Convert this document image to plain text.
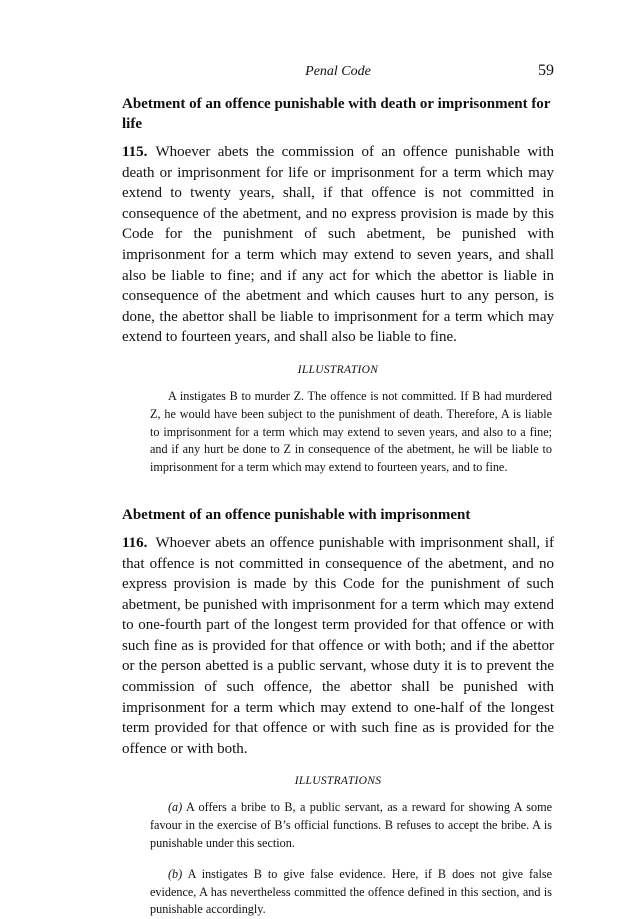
Penal Code	59
Abetment of an offence punishable with death or imprisonment for life

115. Whoever abets the commission of an offence punishable with death or imprisonment for life or imprisonment for a term which may extend to twenty years, shall, if that offence is not committed in consequence of the abetment, and no express provision is made by this Code for the punishment of such abetment, be punished with imprisonment for a term which may extend to seven years, and shall also be liable to fine; and if any act for which the abettor is liable in consequence of the abetment and which causes hurt to any person, is done, the abettor shall be liable to imprisonment for a term which may extend to fourteen years, and shall also be liable to fine.

ILLUSTRATION

A instigates B to murder Z. The offence is not committed. If B had murdered Z, he would have been subject to the punishment of death. Therefore, A is liable to imprisonment for a term which may extend to seven years, and also to a fine; and if any hurt be done to Z in consequence of the abetment, he will be liable to imprisonment for a term which may extend to fourteen years, and to fine.

Abetment of an offence punishable with imprisonment

116. Whoever abets an offence punishable with imprisonment shall, if that offence is not committed in consequence of the abetment, and no express provision is made by this Code for the punishment of such abetment, be punished with imprisonment for a term which may extend to one-fourth part of the longest term provided for that offence or with such fine as is provided for that offence or with both; and if the abettor or the person abetted is a public servant, whose duty it is to prevent the commission of such offence, the abettor shall be punished with imprisonment for a term which may extend to one-half of the longest term provided for that offence or with such fine as is provided for the offence or with both.

ILLUSTRATIONS

(a) A offers a bribe to B, a public servant, as a reward for showing A some favour in the exercise of B’s official functions. B refuses to accept the bribe. A is punishable under this section.

(b) A instigates B to give false evidence. Here, if B does not give false evidence, A has nevertheless committed the offence defined in this section, and is punishable accordingly.
